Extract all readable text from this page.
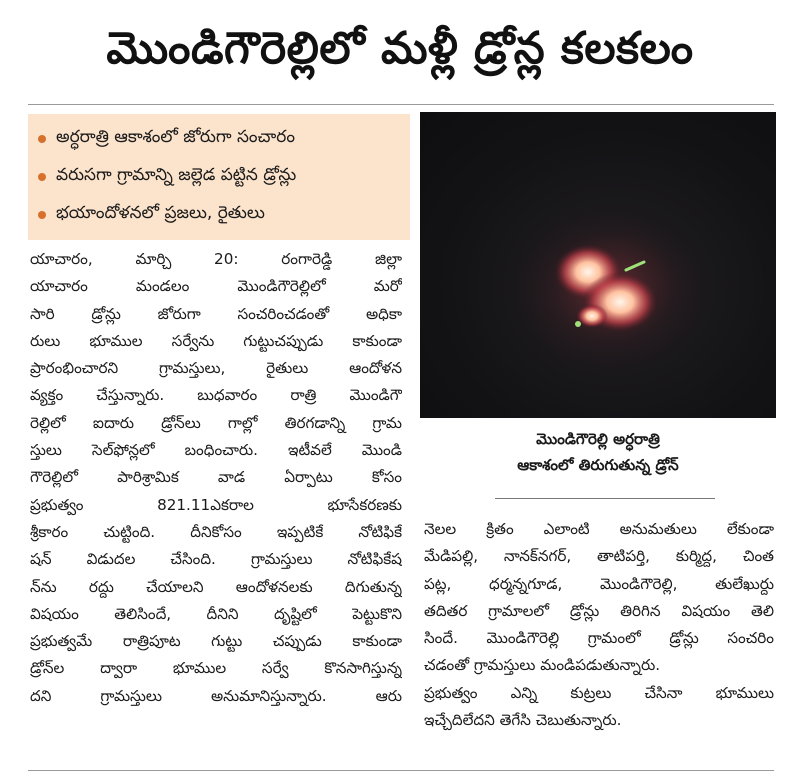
మొండిగౌరెల్లిలో మళ్లీ డ్రోన్ల కలకలం
అర్ధరాత్రి ఆకాశంలో జోరుగా సంచారం
వరుసగా గ్రామాన్ని జల్లెడ పట్టిన డ్రోన్లు
భయాందోళనలో ప్రజలు, రైతులు
మొండిగౌరెల్లి అర్ధరాత్రి
ఆకాశంలో తిరుగుతున్న డ్రోన్
యాచారం, మార్చి 20: రంగారెడ్డి జిల్లా
యాచారం మండలం మొండిగౌరెల్లిలో మరో
సారి డ్రోన్లు జోరుగా సంచరించడంతో అధికా
రులు భూముల సర్వేను గుట్టుచప్పుడు కాకుండా
ప్రారంభించారని గ్రామస్తులు, రైతులు ఆందోళన
వ్యక్తం చేస్తున్నారు. బుధవారం రాత్రి మొండిగౌ
రెల్లిలో ఐదారు డ్రోన్‌లు గాల్లో తిరగడాన్ని గ్రామ
స్తులు సెల్‌ఫోన్లలో బంధించారు. ఇటీవలే మొండి
గౌరెల్లిలో పారిశ్రామిక వాడ ఏర్పాటు కోసం
ప్రభుత్వం 821.11ఎకరాల భూసేకరణకు
శ్రీకారం చుట్టింది. దీనికోసం ఇప్పటికే నోటిఫికే
షన్ విడుదల చేసింది. గ్రామస్తులు నోటిఫికేష
న్‌ను రద్దు చేయాలని ఆందోళనలకు దిగుతున్న
విషయం తెలిసిందే, దీనిని దృష్టిలో పెట్టుకొని
ప్రభుత్వమే రాత్రిపూట గుట్టు చప్పుడు కాకుండా
డ్రోన్‌ల ద్వారా భూముల సర్వే కొనసాగిస్తున్న
దని గ్రామస్తులు అనుమానిస్తున్నారు. ఆరు
నెలల క్రితం ఎలాంటి అనుమతులు లేకుండా
మేడిపల్లి, నానక్‌నగర్, తాటిపర్తి, కుర్మిద్ద, చింత
పట్ల, ధర్మన్నగూడ, మొండిగౌరెల్లి, తులేఖుర్దు
తదితర గ్రామాలలో డ్రోన్లు తిరిగిన విషయం తెలి
సిందే. మొండిగౌరెల్లి గ్రామంలో డ్రోన్లు సంచరిం
చడంతో గ్రామస్తులు మండిపడుతున్నారు.
ప్రభుత్వం ఎన్ని కుట్రలు చేసినా భూములు
ఇచ్చేదిలేదని తెగేసి చెబుతున్నారు.
